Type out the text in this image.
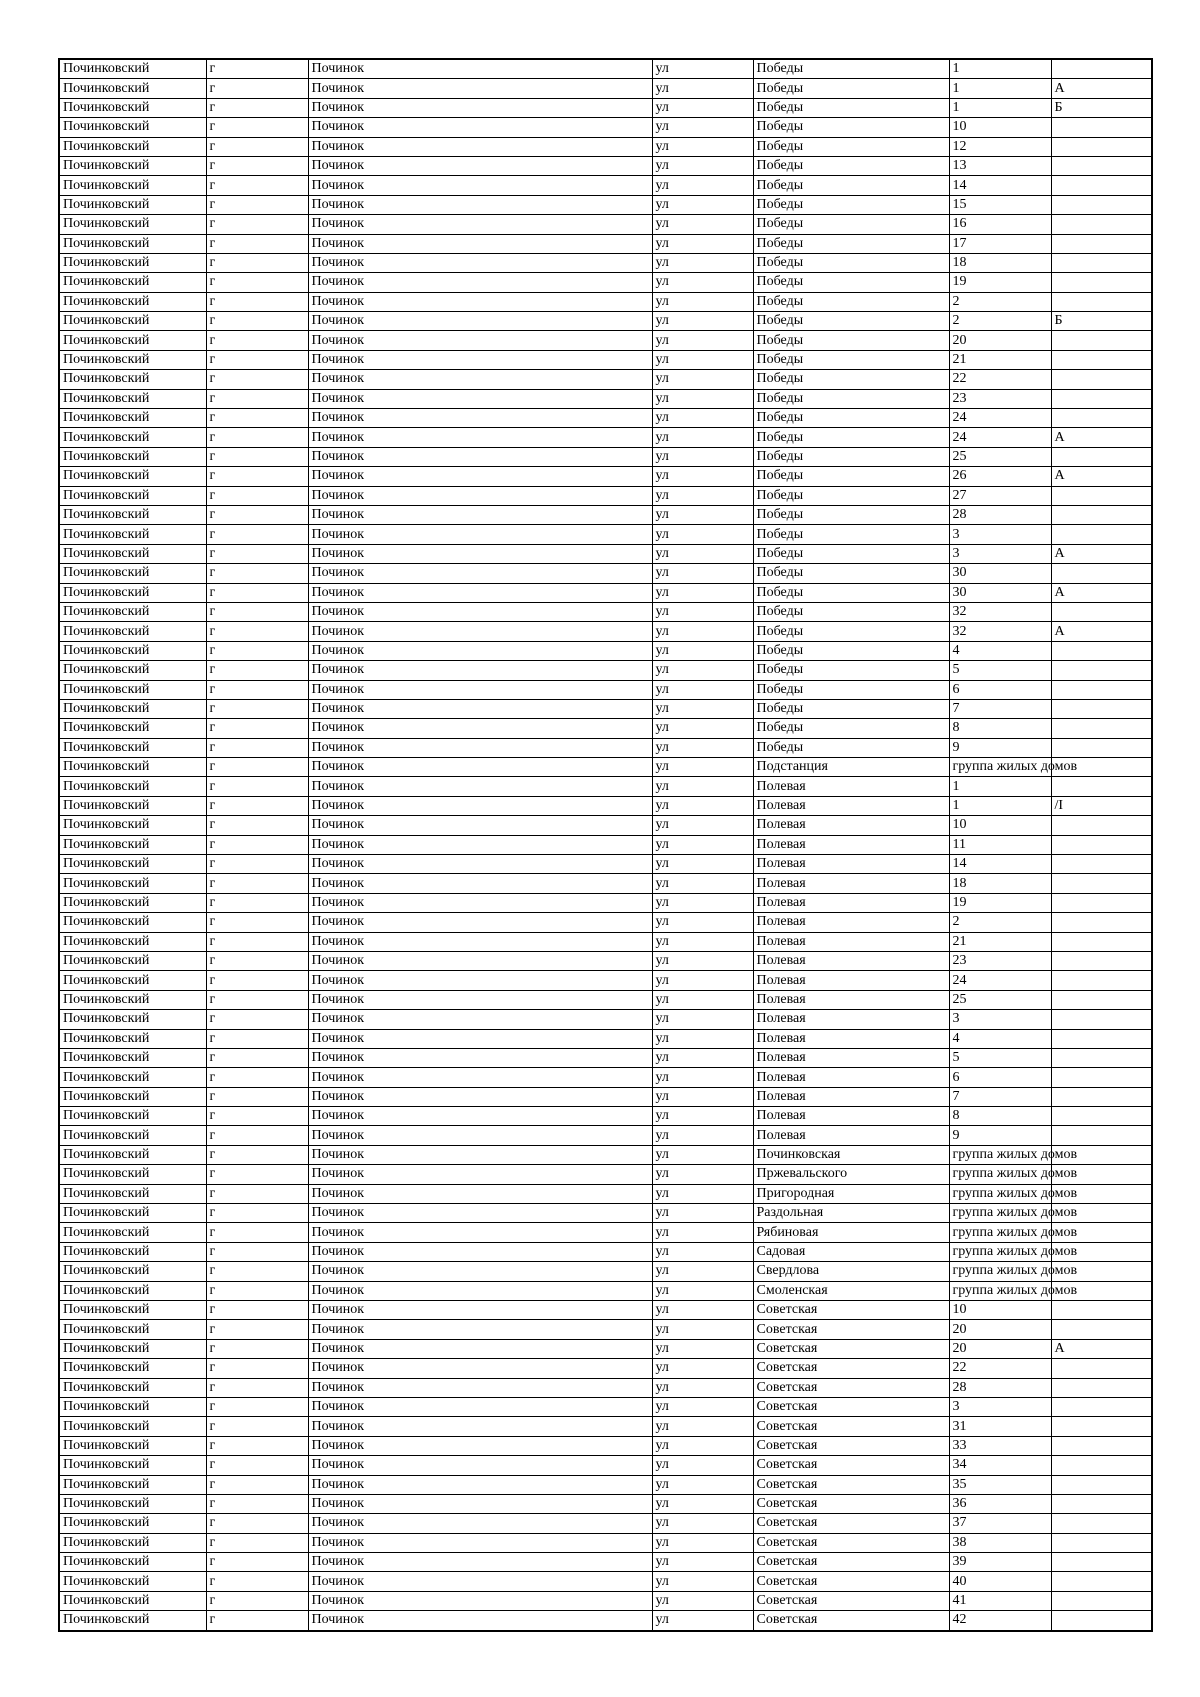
Починковский	г	Починок	ул	Победы	1	
Починковский	г	Починок	ул	Победы	1	А
Починковский	г	Починок	ул	Победы	1	Б
Починковский	г	Починок	ул	Победы	10	
Починковский	г	Починок	ул	Победы	12	
Починковский	г	Починок	ул	Победы	13	
Починковский	г	Починок	ул	Победы	14	
Починковский	г	Починок	ул	Победы	15	
Починковский	г	Починок	ул	Победы	16	
Починковский	г	Починок	ул	Победы	17	
Починковский	г	Починок	ул	Победы	18	
Починковский	г	Починок	ул	Победы	19	
Починковский	г	Починок	ул	Победы	2	
Починковский	г	Починок	ул	Победы	2	Б
Починковский	г	Починок	ул	Победы	20	
Починковский	г	Починок	ул	Победы	21	
Починковский	г	Починок	ул	Победы	22	
Починковский	г	Починок	ул	Победы	23	
Починковский	г	Починок	ул	Победы	24	
Починковский	г	Починок	ул	Победы	24	А
Починковский	г	Починок	ул	Победы	25	
Починковский	г	Починок	ул	Победы	26	А
Починковский	г	Починок	ул	Победы	27	
Починковский	г	Починок	ул	Победы	28	
Починковский	г	Починок	ул	Победы	3	
Починковский	г	Починок	ул	Победы	3	А
Починковский	г	Починок	ул	Победы	30	
Починковский	г	Починок	ул	Победы	30	А
Починковский	г	Починок	ул	Победы	32	
Починковский	г	Починок	ул	Победы	32	А
Починковский	г	Починок	ул	Победы	4	
Починковский	г	Починок	ул	Победы	5	
Починковский	г	Починок	ул	Победы	6	
Починковский	г	Починок	ул	Победы	7	
Починковский	г	Починок	ул	Победы	8	
Починковский	г	Починок	ул	Победы	9	
Починковский	г	Починок	ул	Подстанция	группа жилых домов	
Починковский	г	Починок	ул	Полевая	1	
Починковский	г	Починок	ул	Полевая	1	/I
Починковский	г	Починок	ул	Полевая	10	
Починковский	г	Починок	ул	Полевая	11	
Починковский	г	Починок	ул	Полевая	14	
Починковский	г	Починок	ул	Полевая	18	
Починковский	г	Починок	ул	Полевая	19	
Починковский	г	Починок	ул	Полевая	2	
Починковский	г	Починок	ул	Полевая	21	
Починковский	г	Починок	ул	Полевая	23	
Починковский	г	Починок	ул	Полевая	24	
Починковский	г	Починок	ул	Полевая	25	
Починковский	г	Починок	ул	Полевая	3	
Починковский	г	Починок	ул	Полевая	4	
Починковский	г	Починок	ул	Полевая	5	
Починковский	г	Починок	ул	Полевая	6	
Починковский	г	Починок	ул	Полевая	7	
Починковский	г	Починок	ул	Полевая	8	
Починковский	г	Починок	ул	Полевая	9	
Починковский	г	Починок	ул	Починковская	группа жилых домов	
Починковский	г	Починок	ул	Пржевальского	группа жилых домов	
Починковский	г	Починок	ул	Пригородная	группа жилых домов	
Починковский	г	Починок	ул	Раздольная	группа жилых домов	
Починковский	г	Починок	ул	Рябиновая	группа жилых домов	
Починковский	г	Починок	ул	Садовая	группа жилых домов	
Починковский	г	Починок	ул	Свердлова	группа жилых домов	
Починковский	г	Починок	ул	Смоленская	группа жилых домов	
Починковский	г	Починок	ул	Советская	10	
Починковский	г	Починок	ул	Советская	20	
Починковский	г	Починок	ул	Советская	20	А
Починковский	г	Починок	ул	Советская	22	
Починковский	г	Починок	ул	Советская	28	
Починковский	г	Починок	ул	Советская	3	
Починковский	г	Починок	ул	Советская	31	
Починковский	г	Починок	ул	Советская	33	
Починковский	г	Починок	ул	Советская	34	
Починковский	г	Починок	ул	Советская	35	
Починковский	г	Починок	ул	Советская	36	
Починковский	г	Починок	ул	Советская	37	
Починковский	г	Починок	ул	Советская	38	
Починковский	г	Починок	ул	Советская	39	
Починковский	г	Починок	ул	Советская	40	
Починковский	г	Починок	ул	Советская	41	
Починковский	г	Починок	ул	Советская	42	
